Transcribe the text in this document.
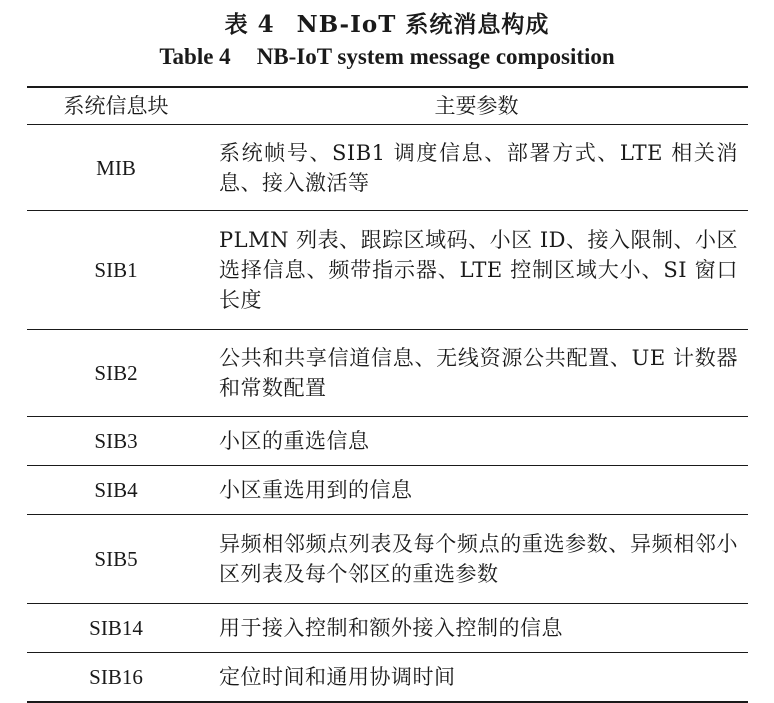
表 4 NB-IoT 系统消息构成
Table 4 NB-IoT system message composition
系统信息块	主要参数
MIB	系统帧号、SIB1 调度信息、部署方式、LTE 相关消息、接入激活等
SIB1	PLMN 列表、跟踪区域码、小区 ID、接入限制、小区选择信息、频带指示器、LTE 控制区域大小、SI 窗口长度
SIB2	公共和共享信道信息、无线资源公共配置、UE 计数器和常数配置
SIB3	小区的重选信息
SIB4	小区重选用到的信息
SIB5	异频相邻频点列表及每个频点的重选参数、异频相邻小区列表及每个邻区的重选参数
SIB14	用于接入控制和额外接入控制的信息
SIB16	定位时间和通用协调时间
